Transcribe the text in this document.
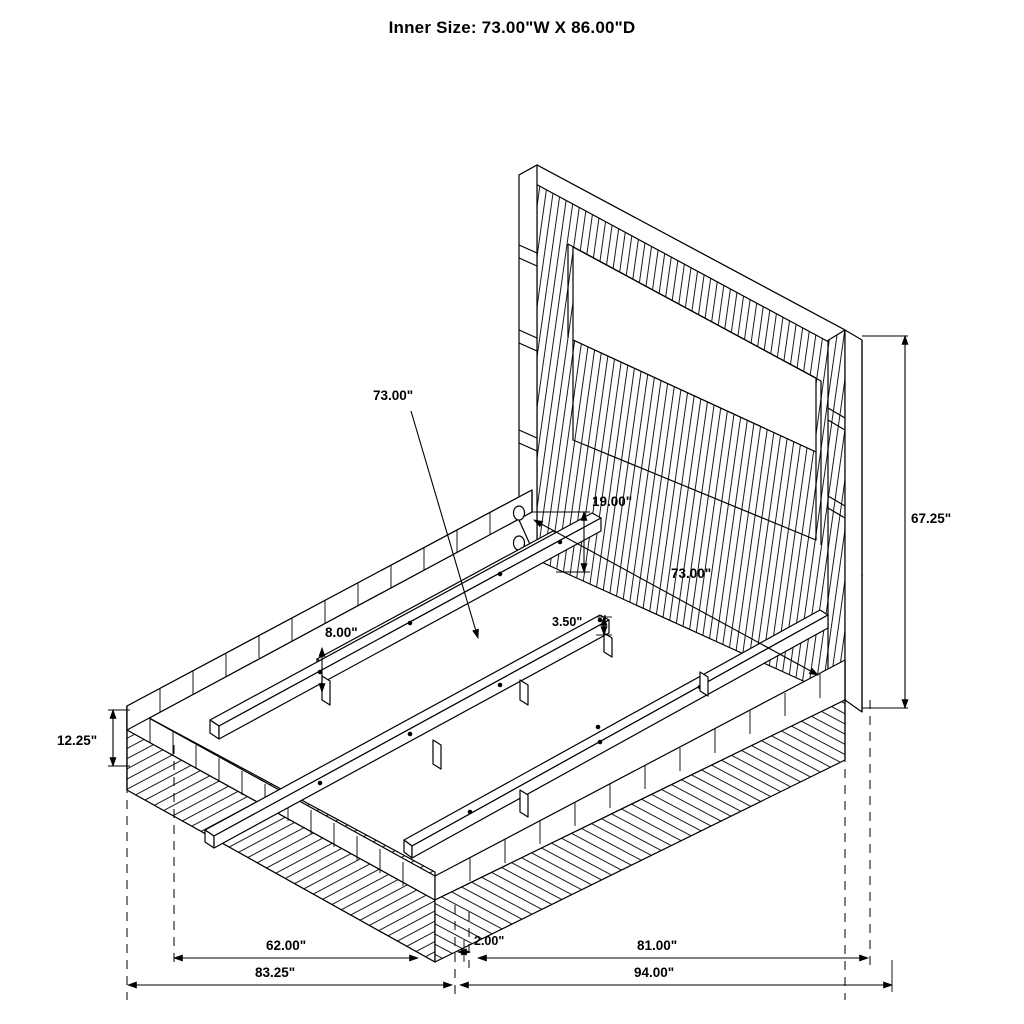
Inner Size: 73.00"W X 86.00"D
67.25"
19.00"
73.00"
3.50"
8.00"
12.25"
73.00"
62.00"
83.25"
2.00"	81.00"
94.00"
